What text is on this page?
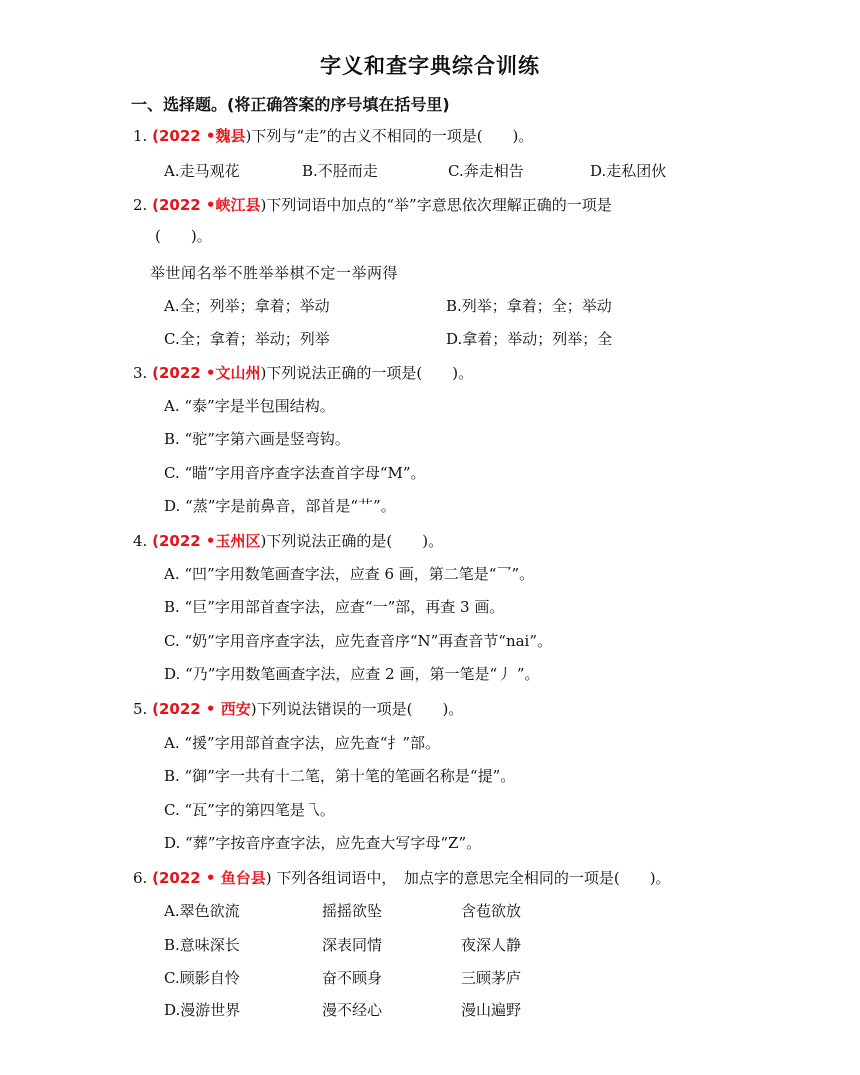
字义和查字典综合训练
一、选择题。(将正确答案的序号填在括号里)
1. (2022 •魏县)下列与“走”的古义不相同的一项是(　　)。
A.走马观花	B.不胫而走	C.奔走相告	D.走私团伙
2. (2022 •峡江县)下列词语中加点的“举”字意思依次理解正确的一项是
(　　)。
举世闻名举不胜举举棋不定一举两得
A.全；列举；拿着；举动	B.列举；拿着；全；举动
C.全；拿着；举动；列举	D.拿着；举动；列举；全
3. (2022 •文山州)下列说法正确的一项是(　　)。
A. “泰”字是半包围结构。
B. “驼”字第六画是竖弯钩。
C. “瞄”字用音序查字法查首字母“M”。
D. “蒸”字是前鼻音，部首是“艹”。
4. (2022 •玉州区)下列说法正确的是(　　)。
A. “凹”字用数笔画查字法，应查 6 画，第二笔是“乛”。
B. “巨”字用部首查字法，应查“一”部，再查 3 画。
C. “奶”字用音序查字法，应先查音序“N”再查音节“nai”。
D. “乃”字用数笔画查字法，应查 2 画，第一笔是“丿 ”。
5. (2022 • 西安)下列说法错误的一项是(　　)。
A. “援”字用部首查字法，应先查“扌”部。
B. “御”字一共有十二笔，第十笔的笔画名称是“提”。
C. “瓦”字的第四笔是乁。
D. “葬”字按音序查字法，应先查大写字母“Z”。
6. (2022 • 鱼台县) 下列各组词语中，　加点字的意思完全相同的一项是(　　)。
A.翠色欲流	摇摇欲坠	含苞欲放
B.意味深长	深表同情	夜深人静
C.顾影自怜	奋不顾身	三顾茅庐
D.漫游世界	漫不经心	漫山遍野
